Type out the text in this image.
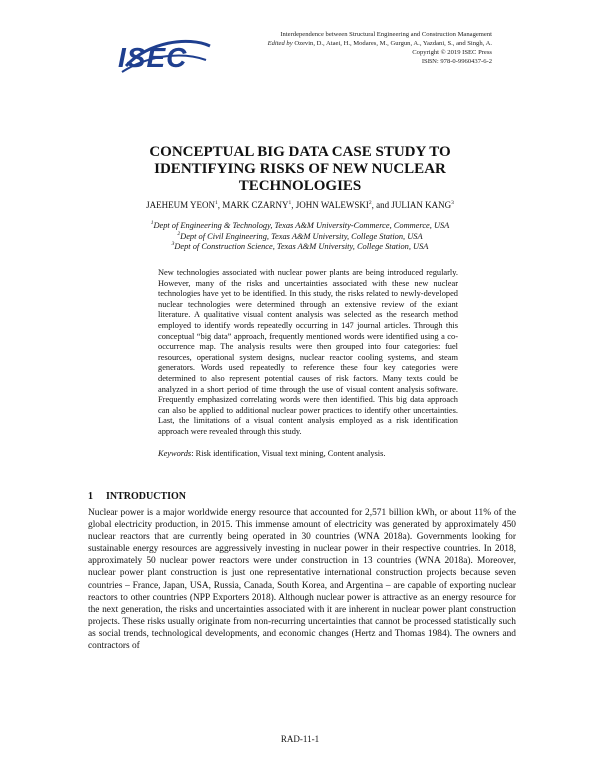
ISEC
Interdependence between Structural Engineering and Construction Management
Edited by Ozevin, D., Ataei, H., Modares, M., Gurgun, A., Yazdani, S., and Singh, A.
Copyright © 2019 ISEC Press
ISBN: 978-0-9960437-6-2
CONCEPTUAL BIG DATA CASE STUDY TO
IDENTIFYING RISKS OF NEW NUCLEAR
TECHNOLOGIES
JAEHEUM YEON$^1$, MARK CZARNY$^1$, JOHN WALEWSKI$^2$, and JULIAN KANG$^3$
$^1$Dept of Engineering & Technology, Texas A&M University-Commerce, Commerce, USA
$^2$Dept of Civil Engineering, Texas A&M University, College Station, USA
$^3$Dept of Construction Science, Texas A&M University, College Station, USA
New technologies associated with nuclear power plants are being introduced regularly. However, many of the risks and uncertainties associated with these new nuclear technologies have yet to be identified. In this study, the risks related to newly-developed nuclear technologies were determined through an extensive review of the exiant literature. A qualitative visual content analysis was selected as the research method employed to identify words repeatedly occurring in 147 journal articles. Through this conceptual “big data” approach, frequently mentioned words were identified using a co-occurrence map. The analysis results were then grouped into four categories: fuel resources, operational system designs, nuclear reactor cooling systems, and steam generators. Words used repeatedly to reference these four key categories were determined to also represent potential causes of risk factors. Many texts could be analyzed in a short period of time through the use of visual content analysis software. Frequently emphasized correlating words were then identified. This big data approach can also be applied to additional nuclear power practices to identify other uncertainties. Last, the limitations of a visual content analysis employed as a risk identification approach were revealed through this study.
Keywords: Risk identification, Visual text mining, Content analysis.
1 INTRODUCTION
Nuclear power is a major worldwide energy resource that accounted for 2,571 billion kWh, or about 11% of the global electricity production, in 2015. This immense amount of electricity was generated by approximately 450 nuclear reactors that are currently being operated in 30 countries (WNA 2018a). Governments looking for sustainable energy resources are aggressively investing in nuclear power in their respective countries. In 2018, approximately 50 nuclear power reactors were under construction in 13 countries (WNA 2018a). Moreover, nuclear power plant construction is just one representative international construction projects because seven countries – France, Japan, USA, Russia, Canada, South Korea, and Argentina – are capable of exporting nuclear reactors to other countries (NPP Exporters 2018). Although nuclear power is attractive as an energy resource for the next generation, the risks and uncertainties associated with it are inherent in nuclear power plant construction projects. These risks usually originate from non-recurring uncertainties that cannot be processed statistically such as social trends, technological developments, and economic changes (Hertz and Thomas 1984). The owners and contractors of
RAD-11-1
